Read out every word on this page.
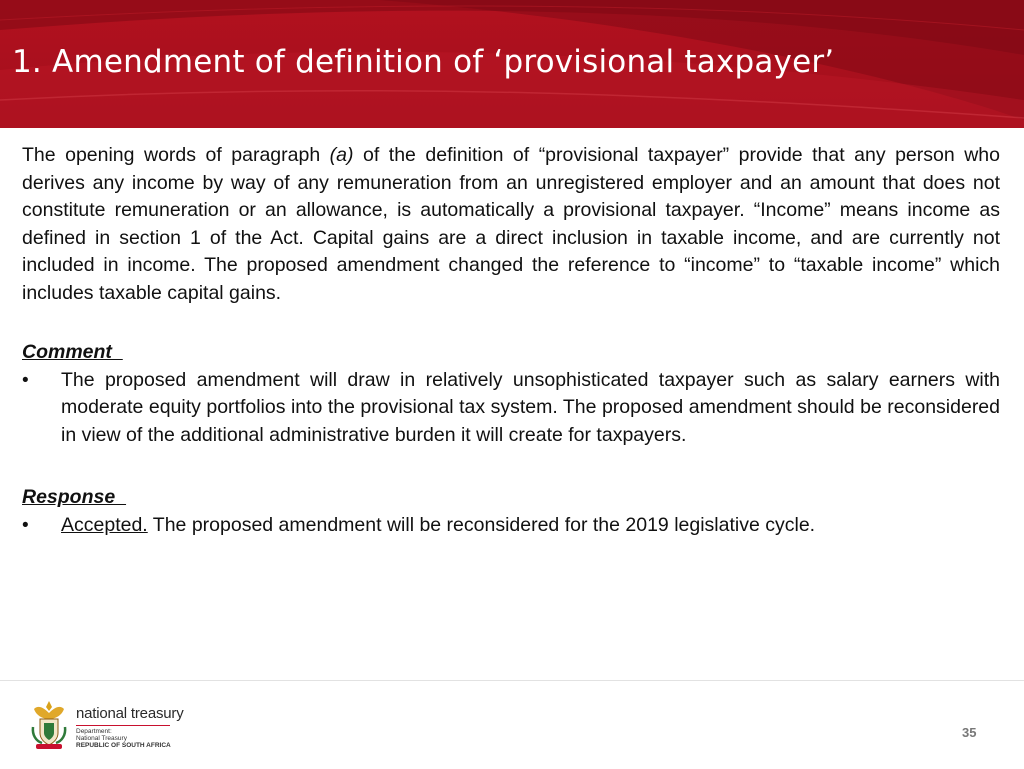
1. Amendment of definition of ‘provisional taxpayer’

The opening words of paragraph (a) of the definition of “provisional taxpayer” provide that any person who derives any income by way of any remuneration from an unregistered employer and an amount that does not constitute remuneration or an allowance, is automatically a provisional taxpayer. “Income” means income as defined in section 1 of the Act. Capital gains are a direct inclusion in taxable income, and are currently not included in income. The proposed amendment changed the reference to “income” to “taxable income” which includes taxable capital gains.

Comment

• The proposed amendment will draw in relatively unsophisticated taxpayer such as salary earners with moderate equity portfolios into the provisional tax system. The proposed amendment should be reconsidered in view of the additional administrative burden it will create for taxpayers.

Response

• Accepted. The proposed amendment will be reconsidered for the 2019 legislative cycle.

national treasury
Department:
National Treasury
REPUBLIC OF SOUTH AFRICA
35
